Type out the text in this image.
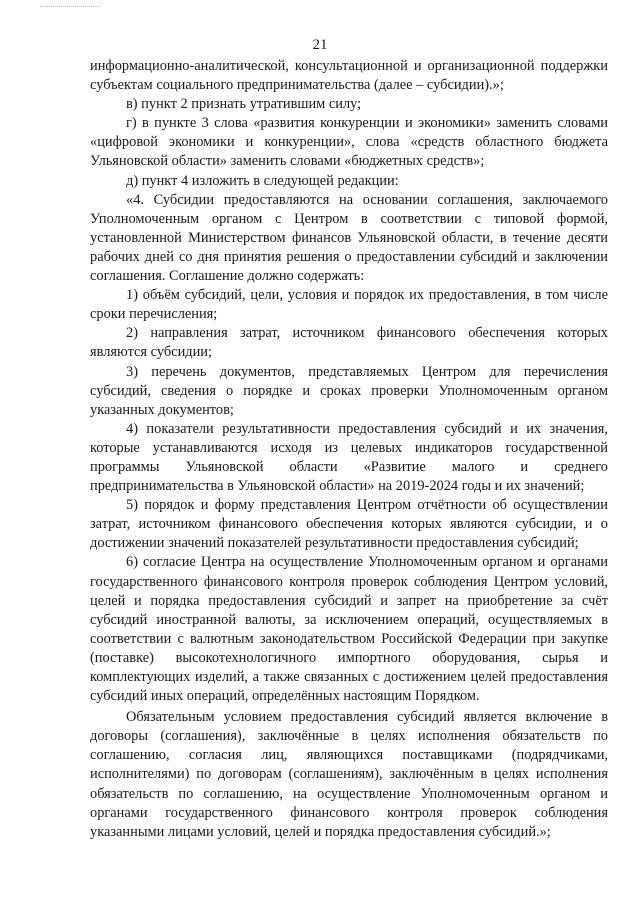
21

информационно-аналитической, консультационной и организационной поддержки субъектам социального предпринимательства (далее – субсидии).»;

в) пункт 2 признать утратившим силу;

г) в пункте 3 слова «развития конкуренции и экономики» заменить словами «цифровой экономики и конкуренции», слова «средств областного бюджета Ульяновской области» заменить словами «бюджетных средств»;

д) пункт 4 изложить в следующей редакции:

«4. Субсидии предоставляются на основании соглашения, заключаемого Уполномоченным органом с Центром в соответствии с типовой формой, установленной Министерством финансов Ульяновской области, в течение десяти рабочих дней со дня принятия решения о предоставлении субсидий и заключении соглашения. Соглашение должно содержать:

1) объём субсидий, цели, условия и порядок их предоставления, в том числе сроки перечисления;

2) направления затрат, источником финансового обеспечения которых являются субсидии;

3) перечень документов, представляемых Центром для перечисления субсидий, сведения о порядке и сроках проверки Уполномоченным органом указанных документов;

4) показатели результативности предоставления субсидий и их значения, которые устанавливаются исходя из целевых индикаторов государственной программы Ульяновской области «Развитие малого и среднего предпринимательства в Ульяновской области» на 2019-2024 годы и их значений;

5) порядок и форму представления Центром отчётности об осуществлении затрат, источником финансового обеспечения которых являются субсидии, и о достижении значений показателей результативности предоставления субсидий;

6) согласие Центра на осуществление Уполномоченным органом и органами государственного финансового контроля проверок соблюдения Центром условий, целей и порядка предоставления субсидий и запрет на приобретение за счёт субсидий иностранной валюты, за исключением операций, осуществляемых в соответствии с валютным законодательством Российской Федерации при закупке (поставке) высокотехнологичного импортного оборудования, сырья и комплектующих изделий, а также связанных с достижением целей предоставления субсидий иных операций, определённых настоящим Порядком.

Обязательным условием предоставления субсидий является включение в договоры (соглашения), заключённые в целях исполнения обязательств по соглашению, согласия лиц, являющихся поставщиками (подрядчиками, исполнителями) по договорам (соглашениям), заключённым в целях исполнения обязательств по соглашению, на осуществление Уполномоченным органом и органами государственного финансового контроля проверок соблюдения указанными лицами условий, целей и порядка предоставления субсидий.»;
